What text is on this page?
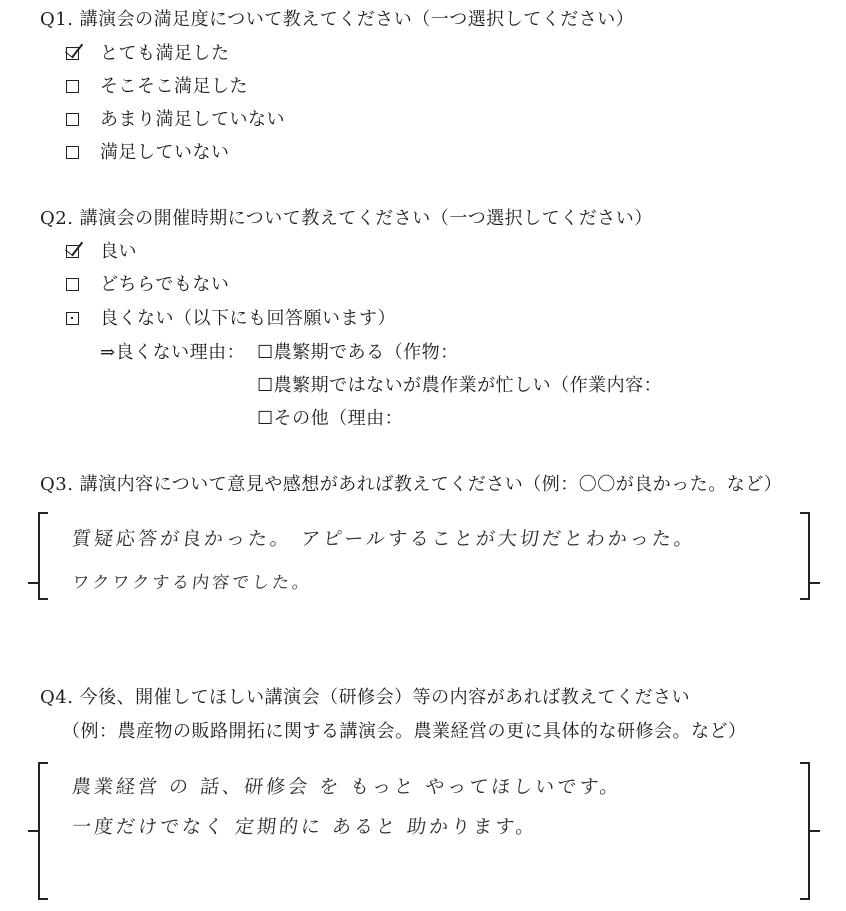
Q1. 講演会の満足度について教えてください（一つ選択してください）
とても満足した
そこそこ満足した
あまり満足していない
満足していない
Q2. 講演会の開催時期について教えてください（一つ選択してください）
良い
どちらでもない
良くない（以下にも回答願います）
⇒良くない理由： ☐農繁期である（作物：
☐農繁期ではないが農作業が忙しい（作業内容：
☐その他（理由：
Q3. 講演内容について意見や感想があれば教えてください（例：〇〇が良かった。など）
質疑応答が良かった。 アピールすることが大切だとわかった。
ワクワクする内容でした。
Q4. 今後、開催してほしい講演会（研修会）等の内容があれば教えてください
（例：農産物の販路開拓に関する講演会。農業経営の更に具体的な研修会。など）
農業経営 の 話、研修会 を もっと やってほしいです。
一度だけでなく 定期的に あると 助かります。
